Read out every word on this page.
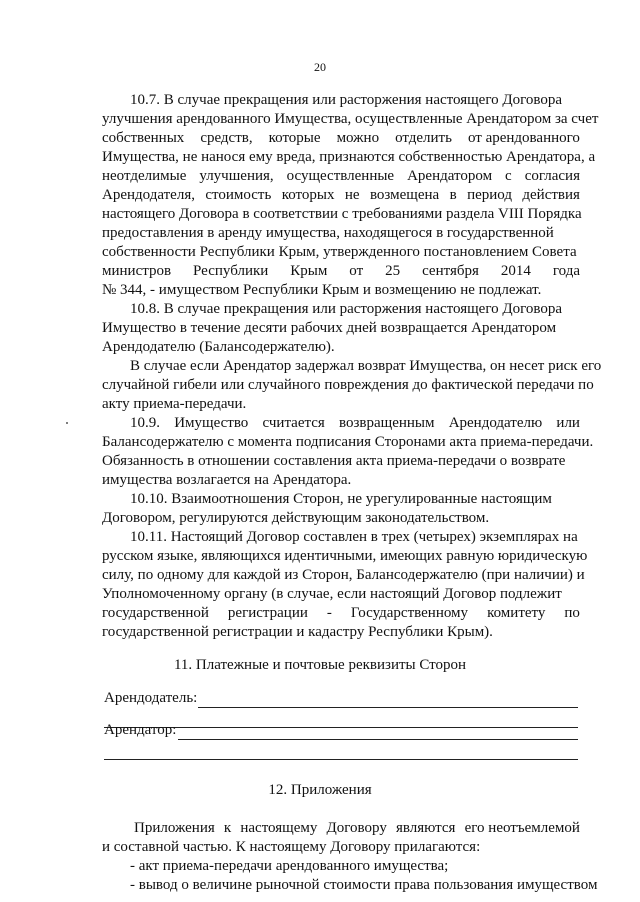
20
10.7. В случае прекращения или расторжения настоящего Договора
улучшения арендованного Имущества, осуществленные Арендатором за счет
собственных средств, которые можно отделить от арендованного
Имущества, не нанося ему вреда, признаются собственностью Арендатора, а
неотделимые улучшения, осуществленные Арендатором с согласия
Арендодателя, стоимость которых не возмещена в период действия
настоящего Договора в соответствии с требованиями раздела VIII Порядка
предоставления в аренду имущества, находящегося в государственной
собственности Республики Крым, утвержденного постановлением Совета
министров Республики Крым от 25 сентября 2014 года
№ 344, - имуществом Республики Крым и возмещению не подлежат.
10.8. В случае прекращения или расторжения настоящего Договора
Имущество в течение десяти рабочих дней возвращается Арендатором
Арендодателю (Балансодержателю).
В случае если Арендатор задержал возврат Имущества, он несет риск его
случайной гибели или случайного повреждения до фактической передачи по
акту приема-передачи.
10.9. Имущество считается возвращенным Арендодателю или
Балансодержателю с момента подписания Сторонами акта приема-передачи.
Обязанность в отношении составления акта приема-передачи о возврате
имущества возлагается на Арендатора.
10.10. Взаимоотношения Сторон, не урегулированные настоящим
Договором, регулируются действующим законодательством.
10.11. Настоящий Договор составлен в трех (четырех) экземплярах на
русском языке, являющихся идентичными, имеющих равную юридическую
силу, по одному для каждой из Сторон, Балансодержателю (при наличии) и
Уполномоченному органу (в случае, если настоящий Договор подлежит
государственной регистрации - Государственному комитету по
государственной регистрации и кадастру Республики Крым).
11. Платежные и почтовые реквизиты Сторон
Арендодатель:
Арендатор:
12. Приложения
Приложения к настоящему Договору являются его неотъемлемой
и составной частью. К настоящему Договору прилагаются:
- акт приема-передачи арендованного имущества;
- вывод о величине рыночной стоимости права пользования имуществом
